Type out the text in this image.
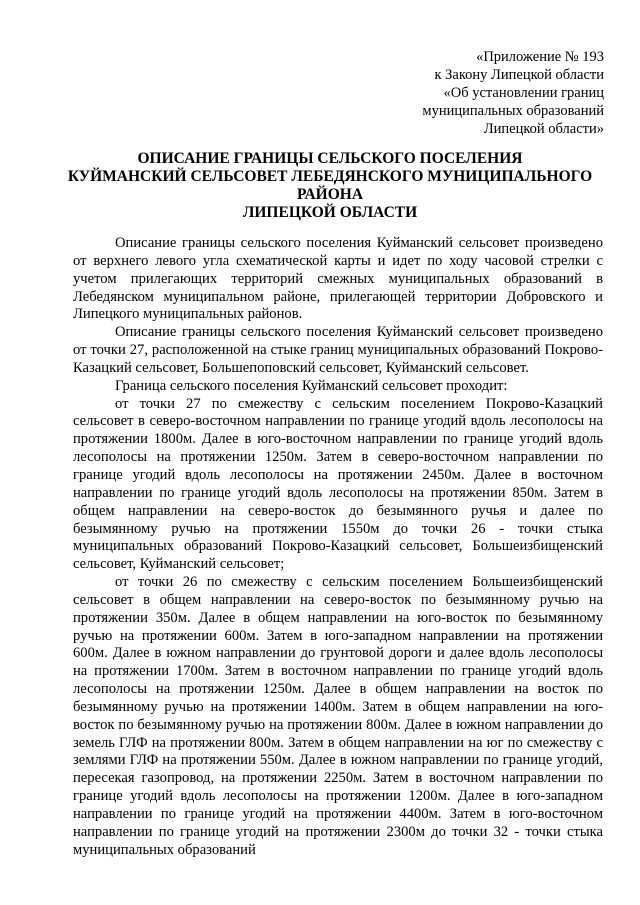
«Приложение № 193
к Закону Липецкой области
«Об установлении границ
муниципальных образований
Липецкой области»
ОПИСАНИЕ ГРАНИЦЫ СЕЛЬСКОГО ПОСЕЛЕНИЯ
КУЙМАНСКИЙ СЕЛЬСОВЕТ ЛЕБЕДЯНСКОГО МУНИЦИПАЛЬНОГО
РАЙОНА
ЛИПЕЦКОЙ ОБЛАСТИ

Описание границы сельского поселения Куйманский сельсовет произведено от верхнего левого угла схематической карты и идет по ходу часовой стрелки с учетом прилегающих территорий смежных муниципальных образований в Лебедянском муниципальном районе, прилегающей территории Добровского и Липецкого муниципальных районов.

Описание границы сельского поселения Куйманский сельсовет произведено от точки 27, расположенной на стыке границ муниципальных образований Покрово-Казацкий сельсовет, Большепоповский сельсовет, Куйманский сельсовет.

Граница сельского поселения Куйманский сельсовет проходит:

от точки 27 по смежеству с сельским поселением Покрово-Казацкий сельсовет в северо-восточном направлении по границе угодий вдоль лесополосы на протяжении 1800м. Далее в юго-восточном направлении по границе угодий вдоль лесополосы на протяжении 1250м. Затем в северо-восточном направлении по границе угодий вдоль лесополосы на протяжении 2450м. Далее в восточном направлении по границе угодий вдоль лесополосы на протяжении 850м. Затем в общем направлении на северо-восток до безымянного ручья и далее по безымянному ручью на протяжении 1550м до точки 26 - точки стыка муниципальных образований Покрово-Казацкий сельсовет, Большеизбищенский сельсовет, Куйманский сельсовет;

от точки 26 по смежеству с сельским поселением Большеизбищенский сельсовет в общем направлении на северо-восток по безымянному ручью на протяжении 350м. Далее в общем направлении на юго-восток по безымянному ручью на протяжении 600м. Затем в юго-западном направлении на протяжении 600м. Далее в южном направлении до грунтовой дороги и далее вдоль лесополосы на протяжении 1700м. Затем в восточном направлении по границе угодий вдоль лесополосы на протяжении 1250м. Далее в общем направлении на восток по безымянному ручью на протяжении 1400м. Затем в общем направлении на юго-восток по безымянному ручью на протяжении 800м. Далее в южном направлении до земель ГЛФ на протяжении 800м. Затем в общем направлении на юг по смежеству с землями ГЛФ на протяжении 550м. Далее в южном направлении по границе угодий, пересекая газопровод, на протяжении 2250м. Затем в восточном направлении по границе угодий вдоль лесополосы на протяжении 1200м. Далее в юго-западном направлении по границе угодий на протяжении 4400м. Затем в юго-восточном направлении по границе угодий на протяжении 2300м до точки 32 - точки стыка муниципальных образований
